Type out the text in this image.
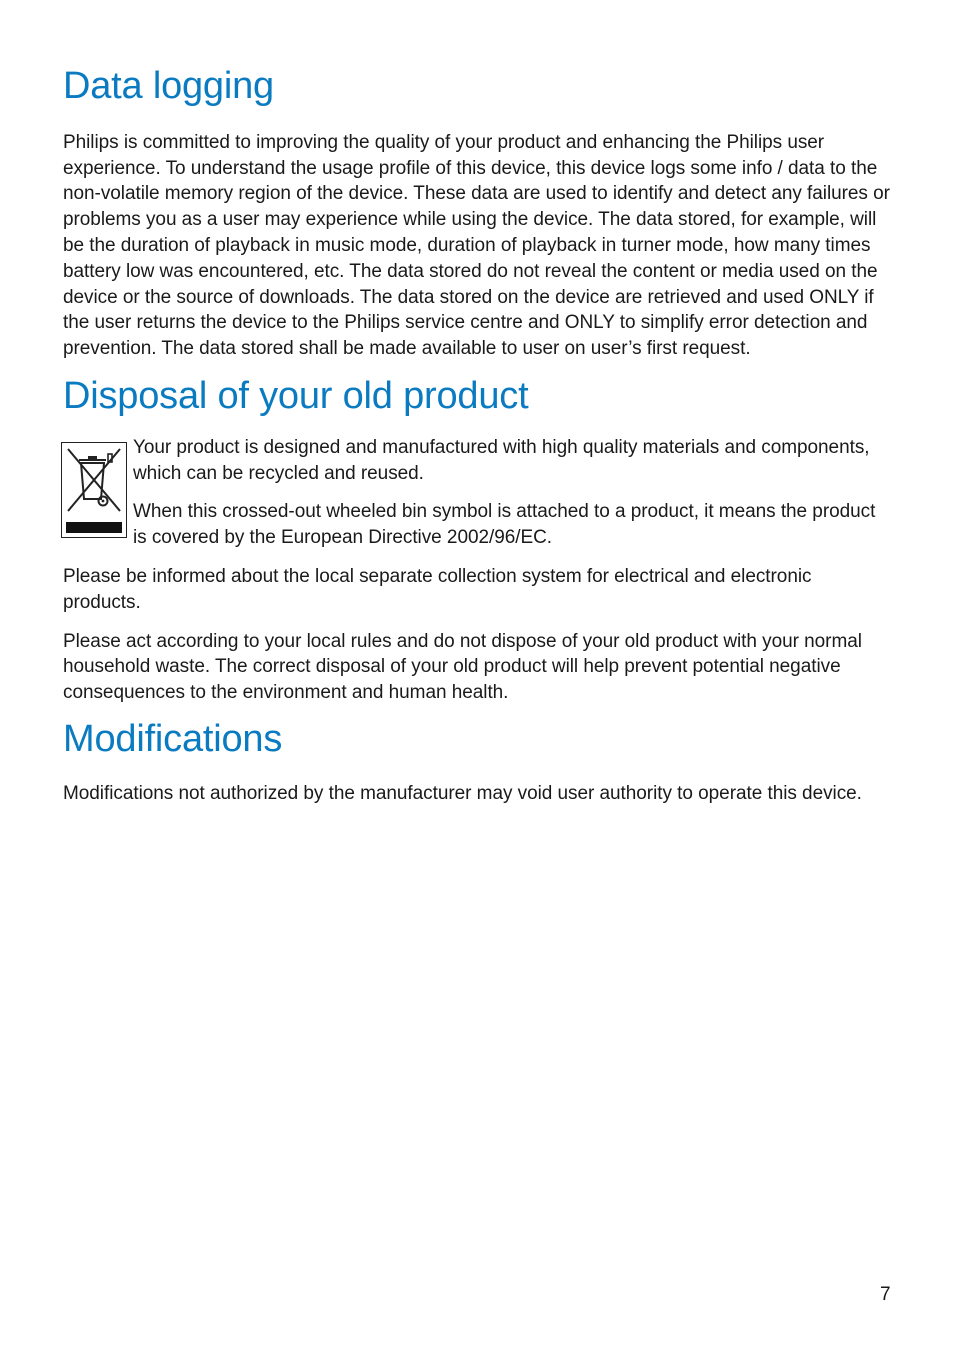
Data logging

Philips is committed to improving the quality of your product and enhancing the Philips user experience. To understand the usage profile of this device, this device logs some info / data to the non-volatile memory region of the device. These data are used to identify and detect any failures or problems you as a user may experience while using the device. The data stored, for example, will be the duration of playback in music mode, duration of playback in turner mode, how many times battery low was encountered, etc. The data stored do not reveal the content or media used on the device or the source of downloads. The data stored on the device are retrieved and used ONLY if the user returns the device to the Philips service centre and ONLY to simplify error detection and prevention. The data stored shall be made available to user on user’s first request.

Disposal of your old product

Your product is designed and manufactured with high quality materials and components, which can be recycled and reused.

When this crossed-out wheeled bin symbol is attached to a product, it means the product is covered by the European Directive 2002/96/EC.

Please be informed about the local separate collection system for electrical and electronic products.

Please act according to your local rules and do not dispose of your old product with your normal household waste. The correct disposal of your old product will help prevent potential negative consequences to the environment and human health.

Modifications

Modifications not authorized by the manufacturer may void user authority to operate this device.

7
